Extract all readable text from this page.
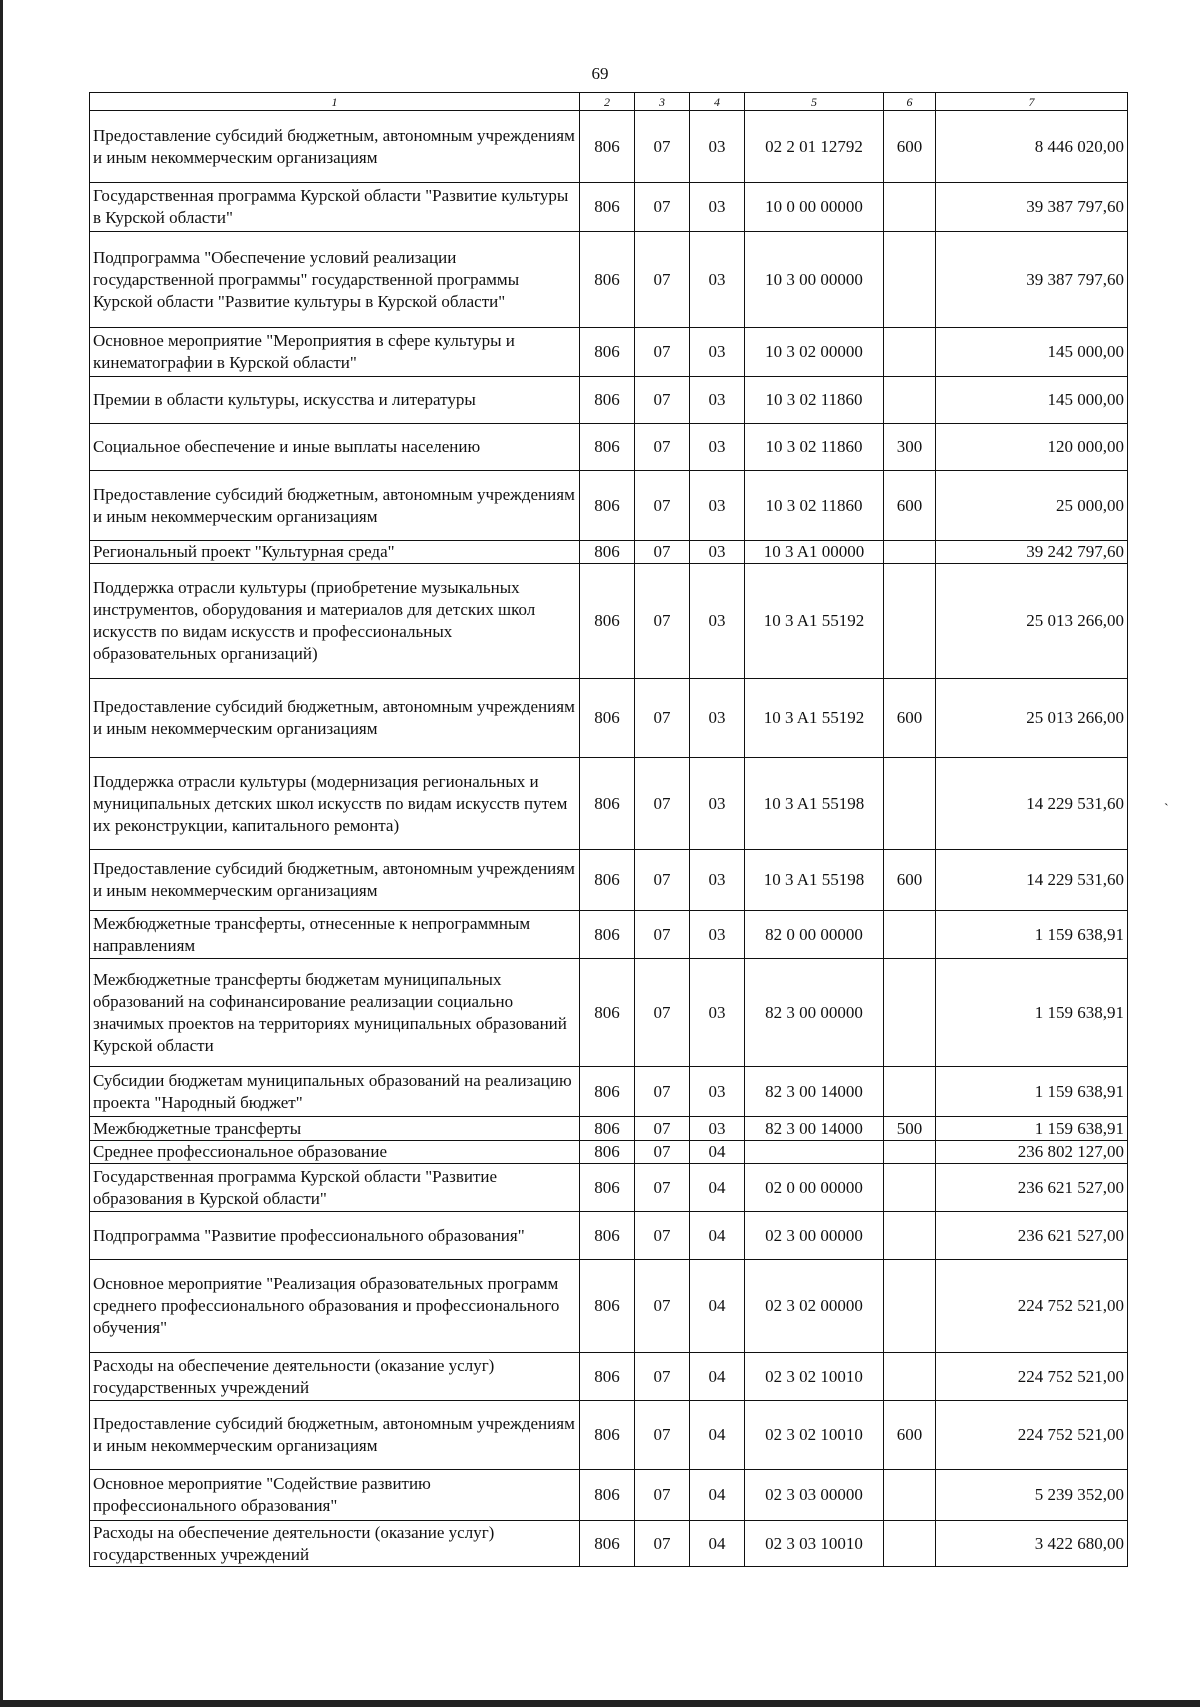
69
1	2	3	4	5	6	7
Предоставление субсидий бюджетным, автономным учреждениям и иным некоммерческим организациям	806	07	03	02 2 01 12792	600	8 446 020,00
Государственная программа Курской области "Развитие культуры в Курской области"	806	07	03	10 0 00 00000		39 387 797,60
Подпрограмма "Обеспечение условий реализации государственной программы" государственной программы Курской области "Развитие культуры в Курской области"	806	07	03	10 3 00 00000		39 387 797,60
Основное мероприятие "Мероприятия в сфере культуры и кинематографии в Курской области"	806	07	03	10 3 02 00000		145 000,00
Премии в области культуры, искусства и литературы	806	07	03	10 3 02 11860		145 000,00
Социальное обеспечение и иные выплаты населению	806	07	03	10 3 02 11860	300	120 000,00
Предоставление субсидий бюджетным, автономным учреждениям и иным некоммерческим организациям	806	07	03	10 3 02 11860	600	25 000,00
Региональный проект "Культурная среда"	806	07	03	10 3 A1 00000		39 242 797,60
Поддержка отрасли культуры (приобретение музыкальных инструментов, оборудования и материалов для детских школ искусств по видам искусств и профессиональных образовательных организаций)	806	07	03	10 3 A1 55192		25 013 266,00
Предоставление субсидий бюджетным, автономным учреждениям и иным некоммерческим организациям	806	07	03	10 3 A1 55192	600	25 013 266,00
Поддержка отрасли культуры (модернизация региональных и муниципальных детских школ искусств по видам искусств путем их реконструкции, капитального ремонта)	806	07	03	10 3 A1 55198		14 229 531,60
Предоставление субсидий бюджетным, автономным учреждениям и иным некоммерческим организациям	806	07	03	10 3 A1 55198	600	14 229 531,60
Межбюджетные трансферты, отнесенные к непрограммным направлениям	806	07	03	82 0 00 00000		1 159 638,91
Межбюджетные трансферты бюджетам муниципальных образований на софинансирование реализации социально значимых проектов на территориях муниципальных образований Курской области	806	07	03	82 3 00 00000		1 159 638,91
Субсидии бюджетам муниципальных образований на реализацию проекта "Народный бюджет"	806	07	03	82 3 00 14000		1 159 638,91
Межбюджетные трансферты	806	07	03	82 3 00 14000	500	1 159 638,91
Среднее профессиональное образование	806	07	04			236 802 127,00
Государственная программа Курской области "Развитие образования в Курской области"	806	07	04	02 0 00 00000		236 621 527,00
Подпрограмма "Развитие профессионального образования"	806	07	04	02 3 00 00000		236 621 527,00
Основное мероприятие "Реализация образовательных программ среднего профессионального образования и профессионального обучения"	806	07	04	02 3 02 00000		224 752 521,00
Расходы на обеспечение деятельности (оказание услуг) государственных учреждений	806	07	04	02 3 02 10010		224 752 521,00
Предоставление субсидий бюджетным, автономным учреждениям и иным некоммерческим организациям	806	07	04	02 3 02 10010	600	224 752 521,00
Основное мероприятие "Содействие развитию профессионального образования"	806	07	04	02 3 03 00000		5 239 352,00
Расходы на обеспечение деятельности (оказание услуг) государственных учреждений	806	07	04	02 3 03 10010		3 422 680,00
`
